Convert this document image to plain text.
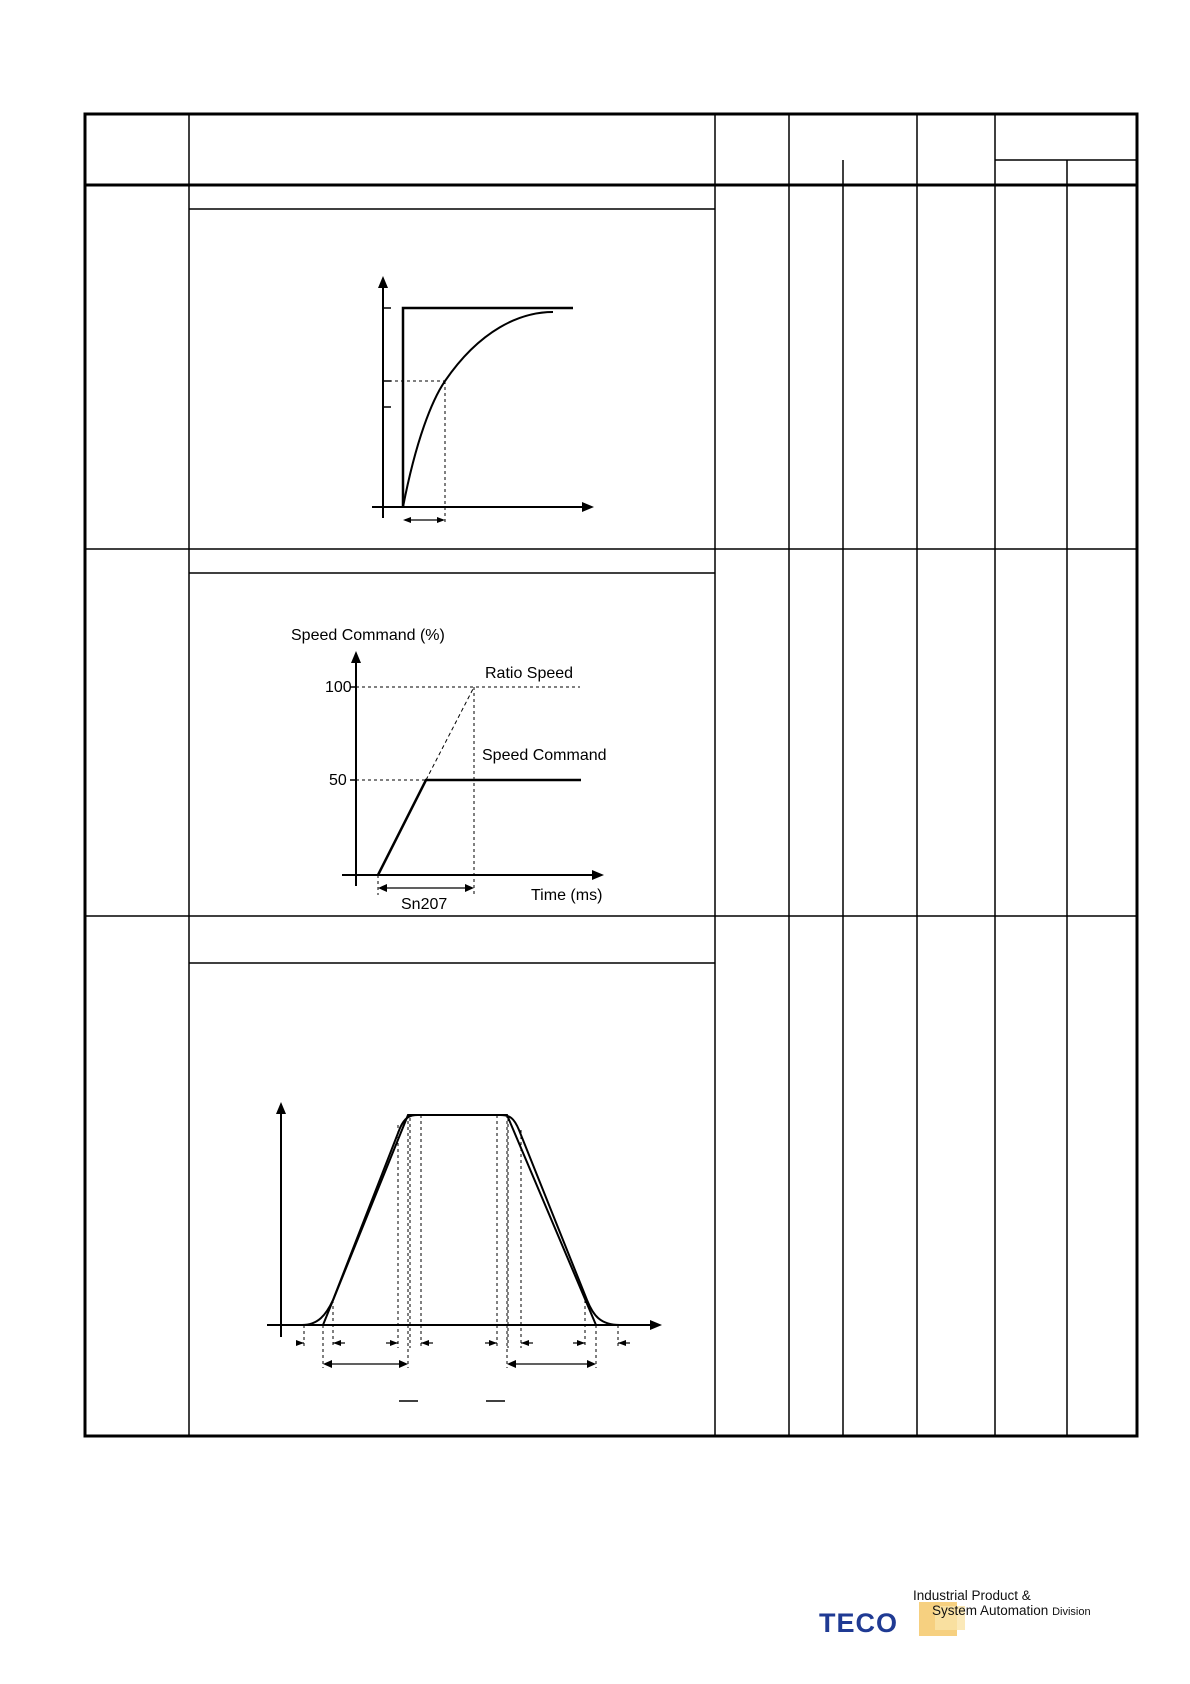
Speed Command (%)
100
50
Ratio Speed
Speed Command
Time (ms)
Sn207
TECO
Industrial Product &
System Automation Division
